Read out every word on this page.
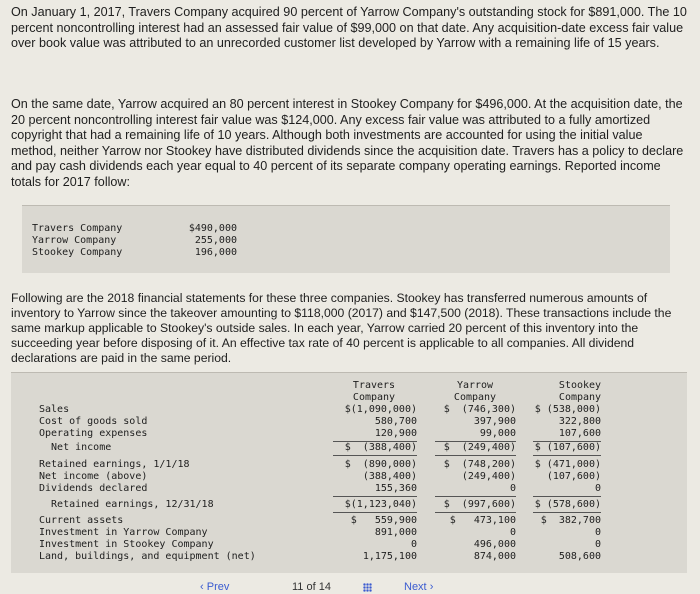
On January 1, 2017, Travers Company acquired 90 percent of Yarrow Company's outstanding stock for $891,000. The 10 percent noncontrolling interest had an assessed fair value of $99,000 on that date. Any acquisition-date excess fair value over book value was attributed to an unrecorded customer list developed by Yarrow with a remaining life of 15 years.

On the same date, Yarrow acquired an 80 percent interest in Stookey Company for $496,000. At the acquisition date, the 20 percent noncontrolling interest fair value was $124,000. Any excess fair value was attributed to a fully amortized copyright that had a remaining life of 10 years. Although both investments are accounted for using the initial value method, neither Yarrow nor Stookey have distributed dividends since the acquisition date. Travers has a policy to declare and pay cash dividends each year equal to 40 percent of its separate company operating earnings. Reported income totals for 2017 follow:

Travers Company	$490,000
Yarrow Company	255,000
Stookey Company	196,000

Following are the 2018 financial statements for these three companies. Stookey has transferred numerous amounts of inventory to Yarrow since the takeover amounting to $118,000 (2017) and $147,500 (2018). These transactions include the same markup applicable to Stookey's outside sales. In each year, Yarrow carried 20 percent of this inventory into the succeeding year before disposing of it. An effective tax rate of 40 percent is applicable to all companies. All dividend declarations are paid in the same period.

Travers
Company
Yarrow
Company
Stookey
Company
Sales	$(1,090,000)	$  (746,300)	$ (538,000)
Cost of goods sold	580,700	397,900	322,800
Operating expenses	120,900	99,000	107,600
Net income	$  (388,400)	$  (249,400)	$ (107,600)
Retained earnings, 1/1/18	$  (890,000)	$  (748,200)	$ (471,000)
Net income (above)	(388,400)	(249,400)	(107,600)
Dividends declared	155,360	0	0
Retained earnings, 12/31/18	$(1,123,040)	$  (997,600)	$ (578,600)
Current assets	$   559,900	$   473,100	$  382,700
Investment in Yarrow Company	891,000	0	0
Investment in Stookey Company	0	496,000	0
Land, buildings, and equipment (net)	1,175,100	874,000	508,600
‹ Prev	11 of 14	Next ›
